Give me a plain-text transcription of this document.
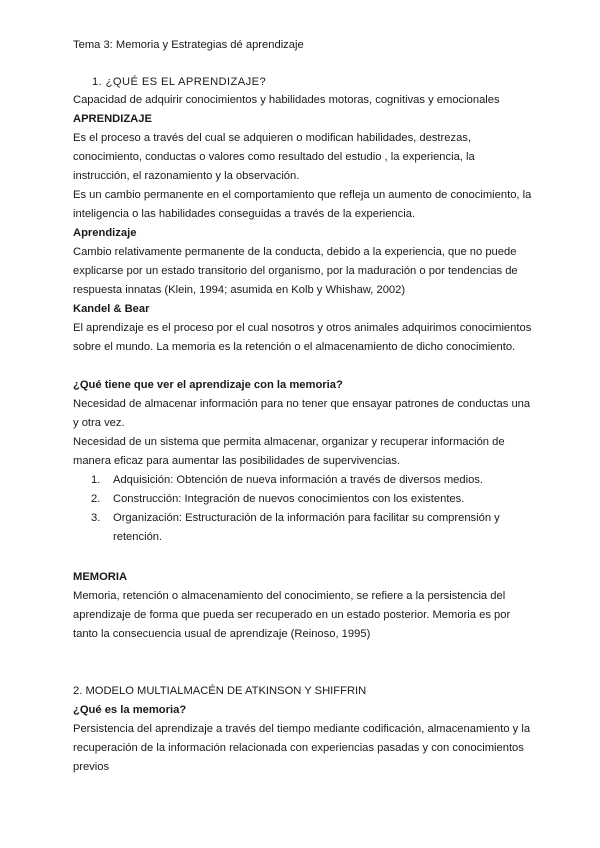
Tema 3: Memoria y Estrategias dé aprendizaje
1. ¿QUÉ ES EL APRENDIZAJE?
Capacidad de adquirir conocimientos y habilidades motoras, cognitivas y emocionales
APRENDIZAJE
Es el proceso a través del cual se adquieren o modifican habilidades, destrezas,
conocimiento, conductas o valores como resultado del estudio , la experiencia, la
instrucción, el razonamiento y la observación.
Es un cambio permanente en el comportamiento que refleja un aumento de conocimiento, la
inteligencia o las habilidades conseguidas a través de la experiencia.
Aprendizaje
Cambio relativamente permanente de la conducta, debido a la experiencia, que no puede
explicarse por un estado transitorio del organismo, por la maduración o por tendencias de
respuesta innatas (Klein, 1994; asumida en Kolb y Whishaw, 2002)
Kandel & Bear
El aprendizaje es el proceso por el cual nosotros y otros animales adquirimos conocimientos
sobre el mundo. La memoria es la retención o el almacenamiento de dicho conocimiento.
¿Qué tiene que ver el aprendizaje con la memoria?
Necesidad de almacenar información para no tener que ensayar patrones de conductas una
y otra vez.
Necesidad de un sistema que permita almacenar, organizar y recuperar información de
manera eficaz para aumentar las posibilidades de supervivencias.
1. Adquisición: Obtención de nueva información a través de diversos medios.
2. Construcción: Integración de nuevos conocimientos con los existentes.
3. Organización: Estructuración de la información para facilitar su comprensión y
retención.
MEMORIA
Memoria, retención o almacenamiento del conocimiento, se refiere a la persistencia del
aprendizaje de forma que pueda ser recuperado en un estado posterior. Memoria es por
tanto la consecuencia usual de aprendizaje (Reinoso, 1995)
2. MODELO MULTIALMACÉN DE ATKINSON Y SHIFFRIN
¿Qué es la memoria?
Persistencia del aprendizaje a través del tiempo mediante codificación, almacenamiento y la
recuperación de la información relacionada con experiencias pasadas y con conocimientos
previos
